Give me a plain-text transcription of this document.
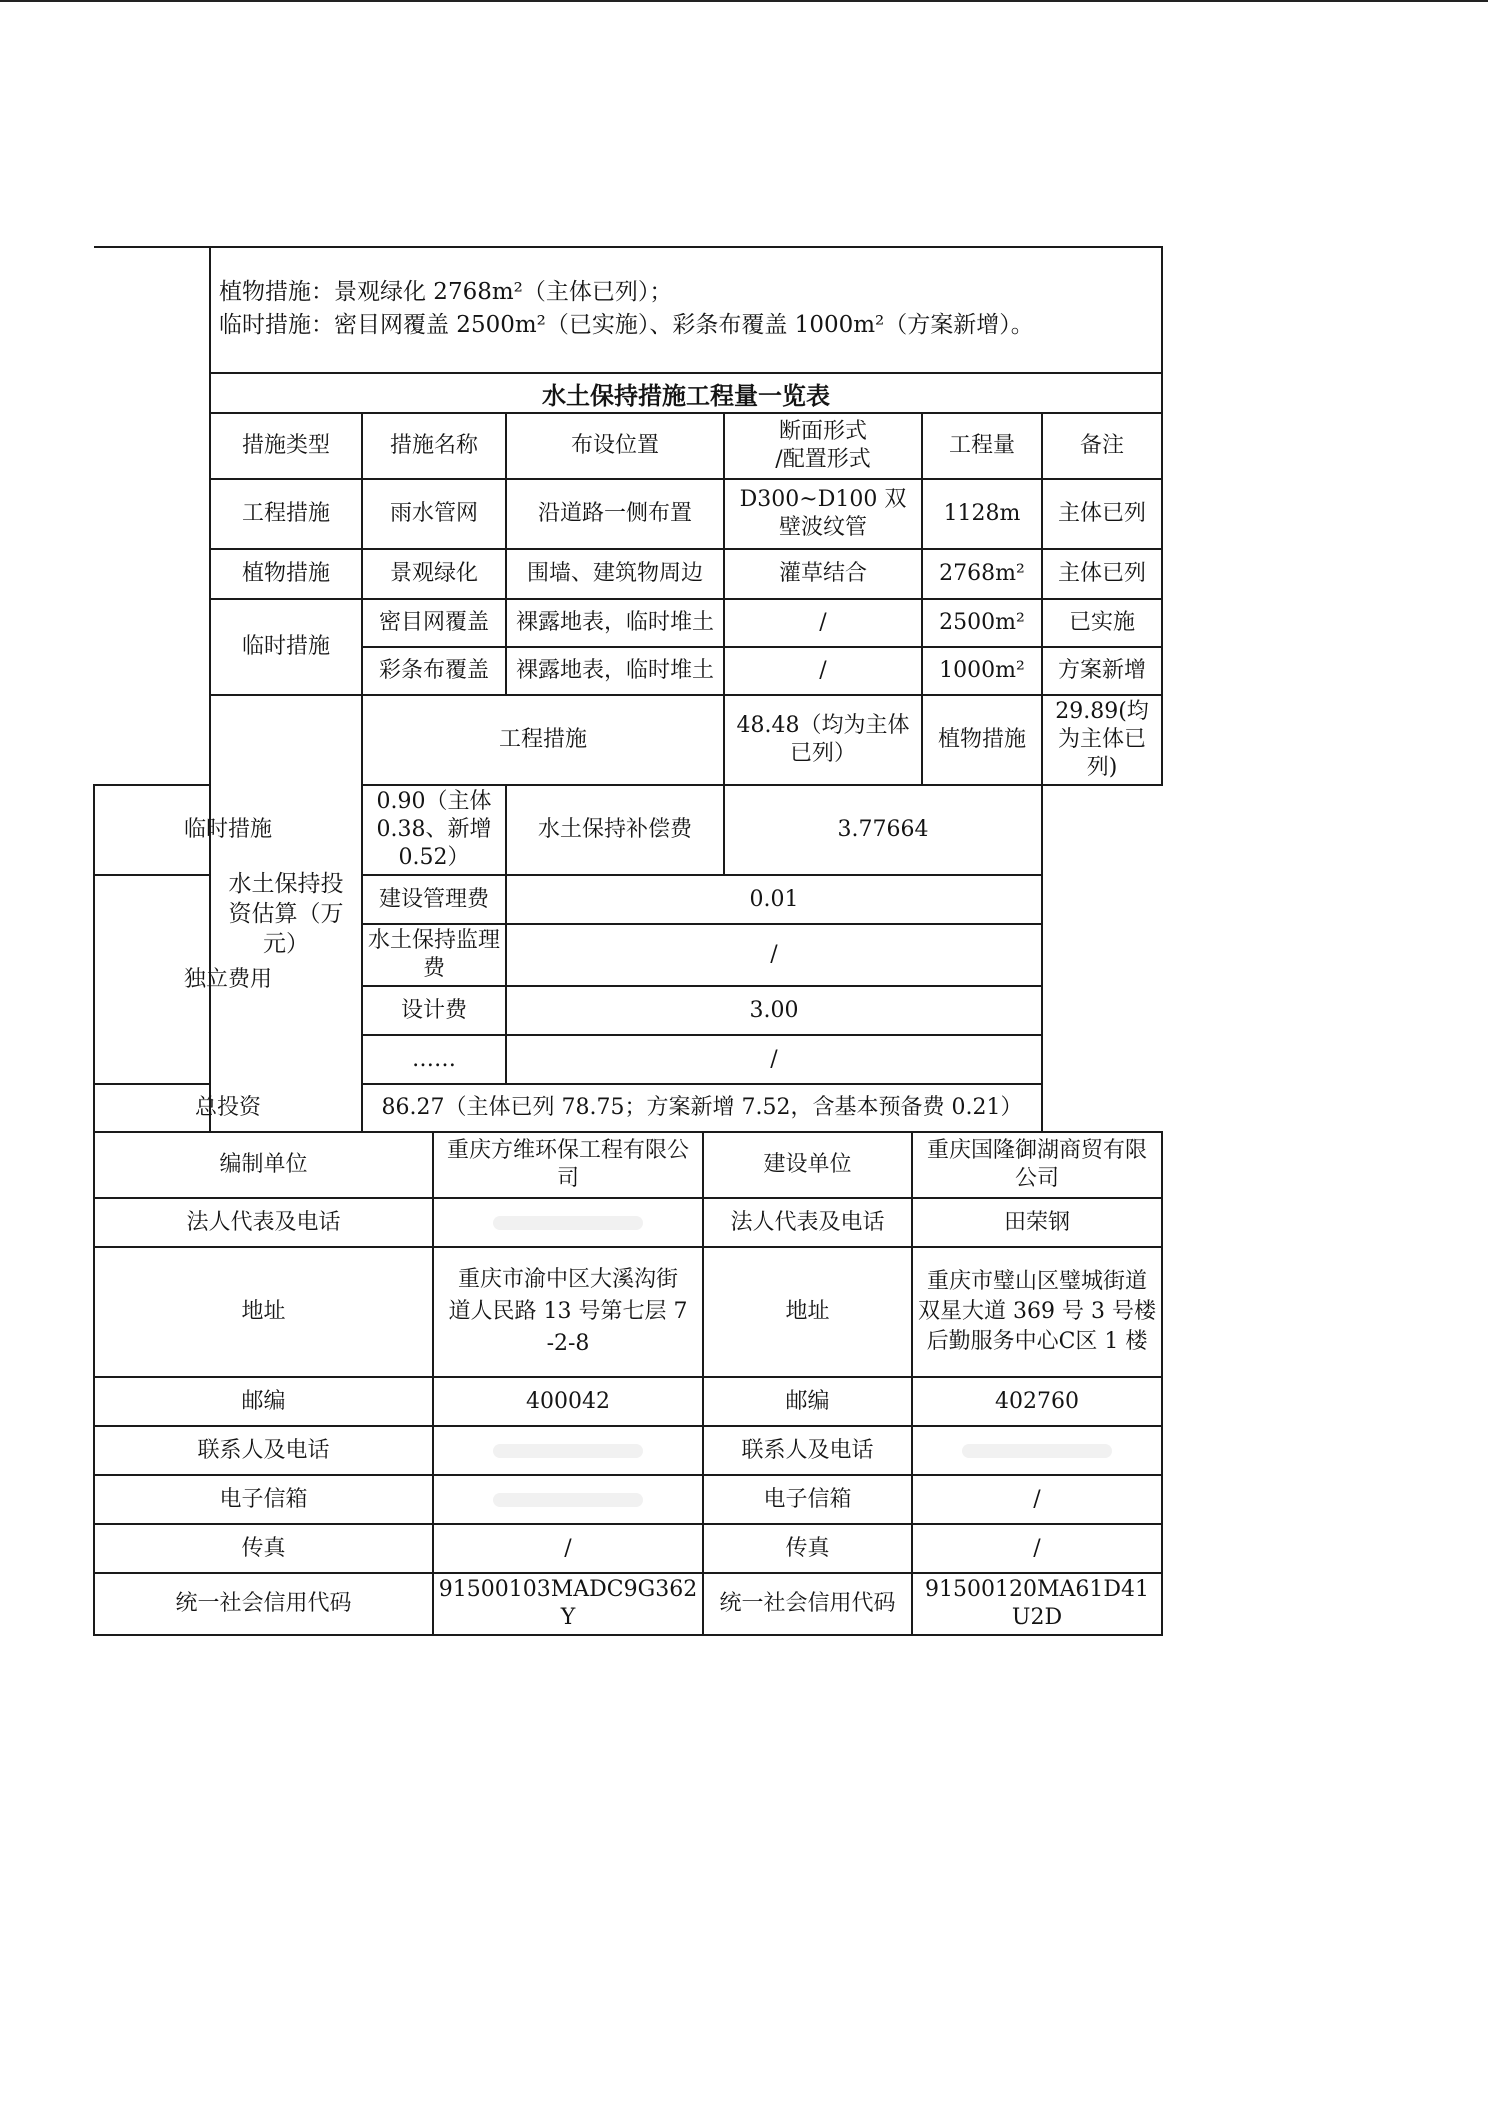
	植物措施：景观绿化 2768m²（主体已列）；
临时措施：密目网覆盖 2500m²（已实施）、彩条布覆盖 1000m²（方案新增）。					

	水土保持措施工程量一览表					
	措施类型	措施名称	布设位置	断面形式
/配置形式	工程量	备注
	工程措施	雨水管网	沿道路一侧布置	D300~D100 双壁波纹管	1128m	主体已列
	植物措施	景观绿化	围墙、建筑物周边	灌草结合	2768m²	主体已列
	临时措施	密目网覆盖	裸露地表，临时堆土	/	2500m²	已实施
		彩条布覆盖	裸露地表，临时堆土	/	1000m²	方案新增
	水土保持投资估算（万元）	工程措施		48.48（均为主体已列）	植物措施	29.89(均为主体已列)
临时措施		0.90（主体 0.38、新增 0.52）	水土保持补偿费	3.77664		
独立费用		建设管理费	0.01			
		水土保持监理费	/			
		设计费	3.00			
		……	/			
总投资		86.27（主体已列 78.75；方案新增 7.52，含基本预备费 0.21）				
编制单位	重庆方维环保工程有限公司	建设单位	重庆国隆御湖商贸有限公司
法人代表及电话		法人代表及电话	田荣钢
地址	重庆市渝中区大溪沟街道人民路 13 号第七层 7-2-8	地址	重庆市璧山区璧城街道双星大道 369 号 3 号楼后勤服务中心C区 1 楼
邮编	400042	邮编	402760
联系人及电话		联系人及电话	
电子信箱		电子信箱	/
传真	/	传真	/
统一社会信用代码	91500103MADC9G362Y	统一社会信用代码	91500120MA61D41U2D
